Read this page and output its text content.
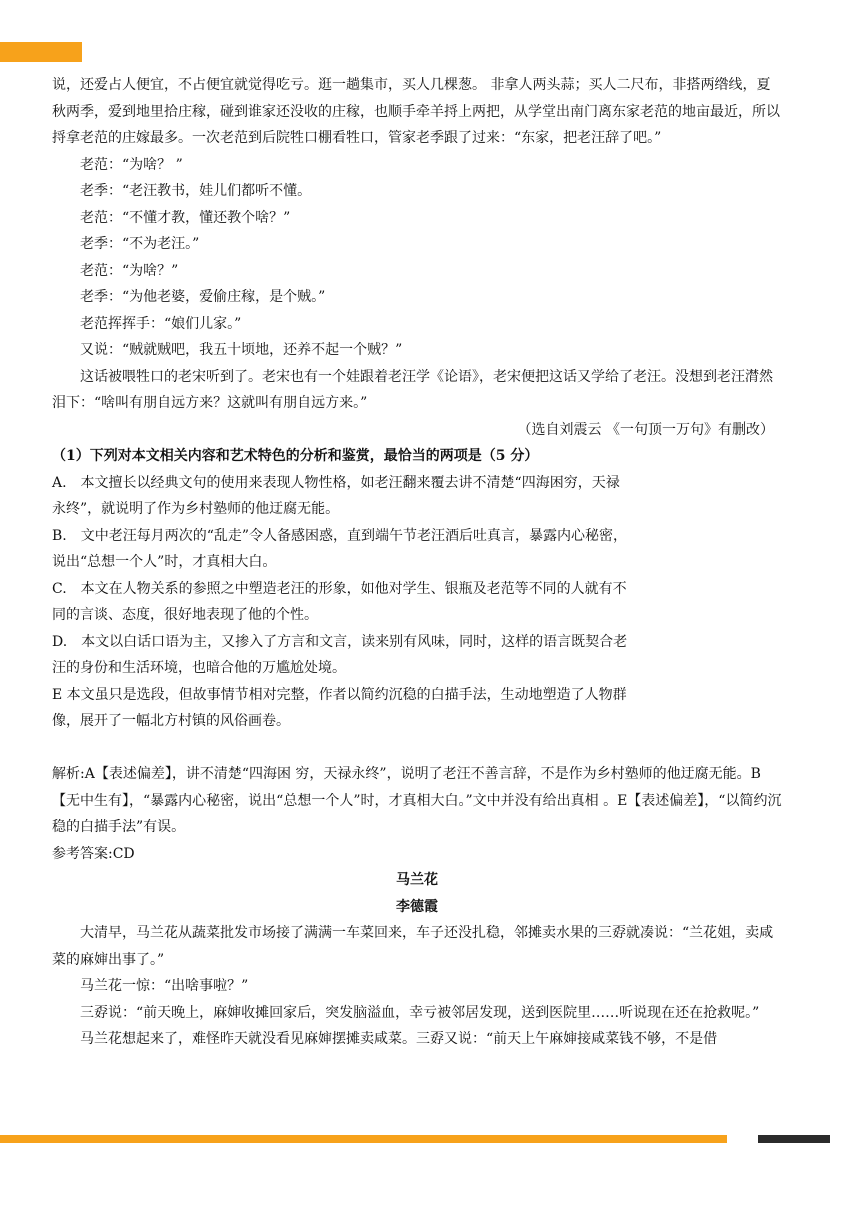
说，还爱占人便宜，不占便宜就觉得吃亏。逛一趟集市，买人几棵葱。 非拿人两头蒜；买人二尺布，非搭两绺线，夏秋两季，爱到地里拾庄稼，碰到谁家还没收的庄稼，也顺手牵羊捋上两把，从学堂出南门离东家老范的地亩最近，所以捋拿老范的庄嫁最多。一次老范到后院牲口棚看牲口，管家老季跟了过来：“东家，把老汪辞了吧。”

老范：“为啥？ ”

老季：“老汪教书，娃儿们都听不懂。

老范：“不懂才教，懂还教个啥？”

老季：“不为老汪。”

老范：“为啥？”

老季：“为他老婆，爱偷庄稼，是个贼。”

老范挥挥手：“娘们儿家。”

又说：“贼就贼吧，我五十顷地，还养不起一个贼？”

这话被喂牲口的老宋听到了。老宋也有一个娃跟着老汪学《论语》，老宋便把这话又学给了老汪。没想到老汪潸然泪下：“啥叫有朋自远方来？这就叫有朋自远方来。”

（选自刘震云 《一句顶一万句》有删改）

（1）下列对本文相关内容和艺术特色的分析和鉴赏，最恰当的两项是（5 分）

A.　本文擅长以经典文句的使用来表现人物性格，如老汪翻来覆去讲不清楚“四海困穷，天禄永终”，就说明了作为乡村塾师的他迂腐无能。

B.　文中老汪每月两次的“乱走”令人备感困惑，直到端午节老汪酒后吐真言，暴露内心秘密，说出“总想一个人”时，才真相大白。

C.　本文在人物关系的参照之中塑造老汪的形象，如他对学生、银瓶及老范等不同的人就有不同的言谈、态度，很好地表现了他的个性。

D.　本文以白话口语为主，又掺入了方言和文言，读来别有风味，同时，这样的语言既契合老汪的身份和生活环境，也暗合他的万尴尬处境。

E 本文虽只是选段，但故事情节相对完整，作者以简约沉稳的白描手法，生动地塑造了人物群像，展开了一幅北方村镇的风俗画卷。

解析:A【表述偏差】，讲不清楚“四海困 穷，天禄永终”，说明了老汪不善言辞，不是作为乡村塾师的他迂腐无能。B【无中生有】，“暴露内心秘密，说出“总想一个人”时，才真相大白。”文中并没有给出真相 。E【表述偏差】，“以简约沉稳的白描手法”有误。

参考答案:CD

马兰花

李德霞

大清早，马兰花从蔬菜批发市场接了满满一车菜回来，车子还没扎稳，邻摊卖水果的三孬就凑说：“兰花姐，卖咸菜的麻婶出事了。”

马兰花一惊：“出啥事啦？”

三孬说：“前天晚上，麻婶收摊回家后，突发脑溢血，幸亏被邻居发现，送到医院里……听说现在还在抢救呢。”

马兰花想起来了，难怪昨天就没看见麻婶摆摊卖咸菜。三孬又说：“前天上午麻婶接咸菜钱不够，不是借
